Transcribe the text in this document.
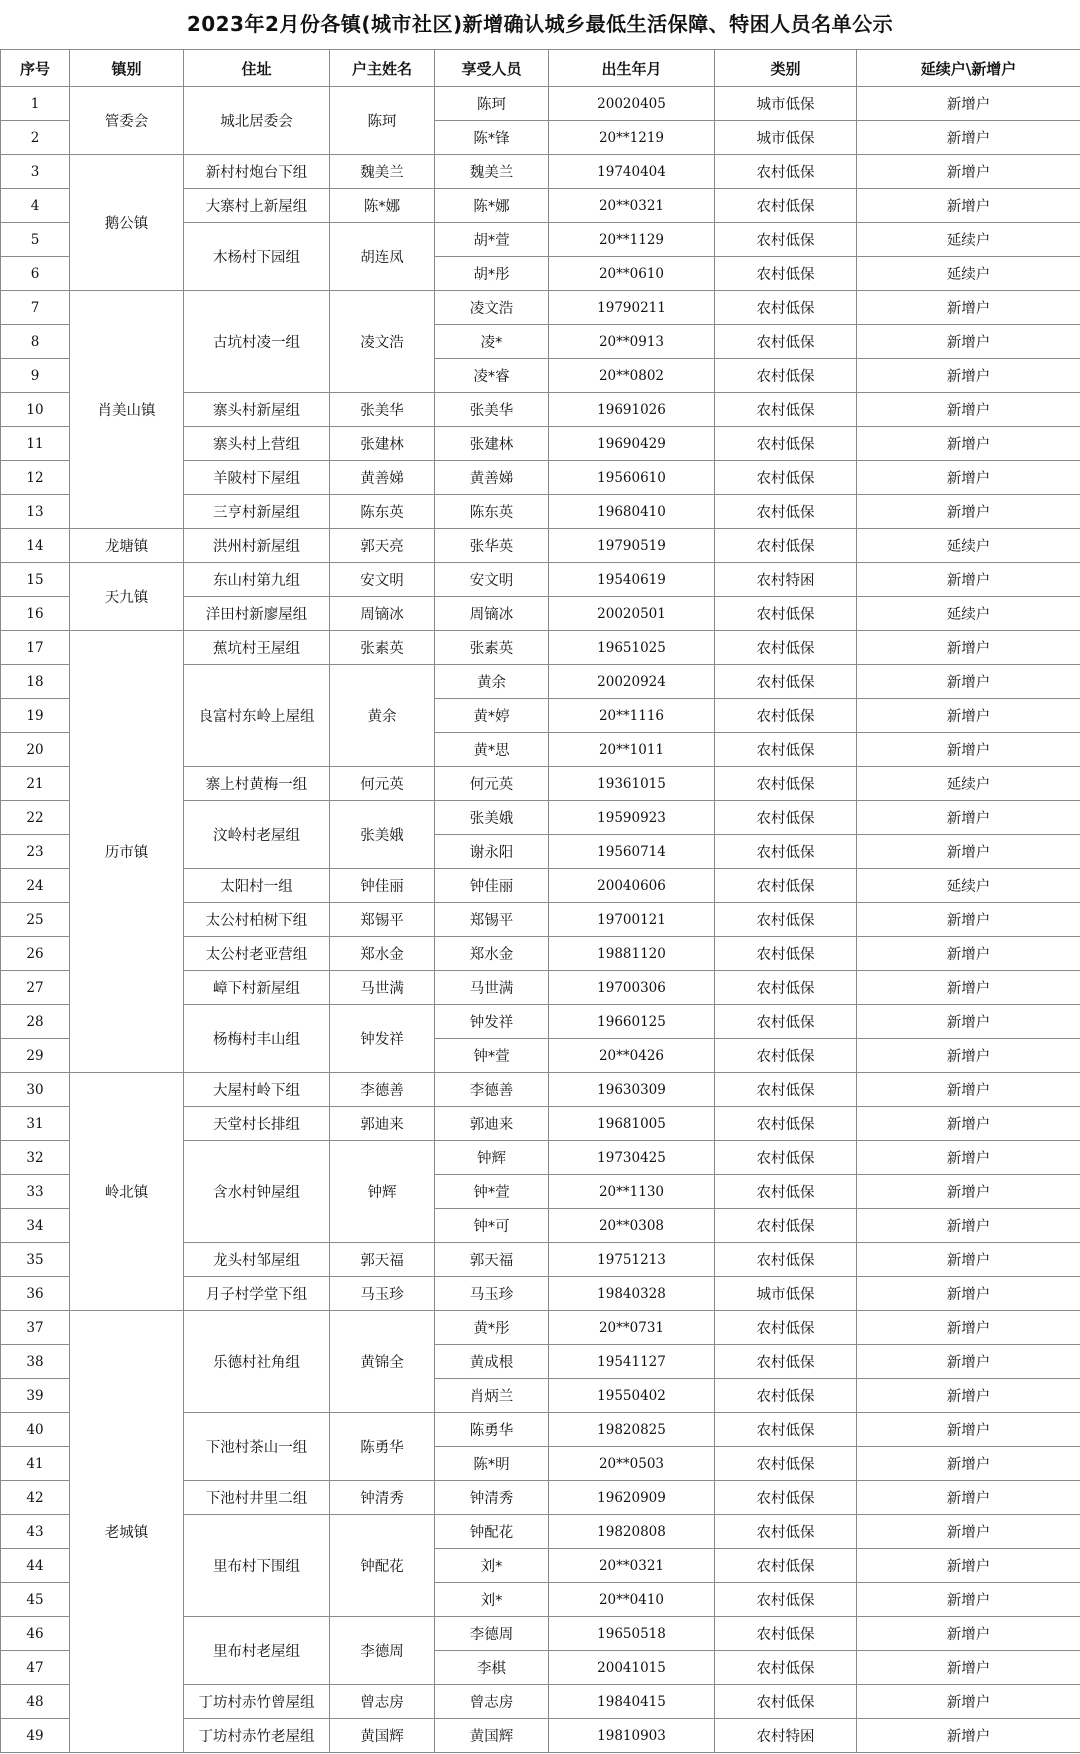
2023年2月份各镇(城市社区)新增确认城乡最低生活保障、特困人员名单公示
序号	镇别	住址	户主姓名	享受人员	出生年月	类别	延续户\新增户
1	管委会	城北居委会	陈珂	陈珂	20020405	城市低保	新增户
2				陈*锋	20**1219	城市低保	新增户
3	鹅公镇	新村村炮台下组	魏美兰	魏美兰	19740404	农村低保	新增户
4		大寨村上新屋组	陈*娜	陈*娜	20**0321	农村低保	新增户
5		木杨村下园组	胡连凤	胡*萱	20**1129	农村低保	延续户
6				胡*彤	20**0610	农村低保	延续户
7	肖美山镇	古坑村凌一组	凌文浩	凌文浩	19790211	农村低保	新增户
8				凌*	20**0913	农村低保	新增户
9				凌*睿	20**0802	农村低保	新增户
10		寨头村新屋组	张美华	张美华	19691026	农村低保	新增户
11		寨头村上营组	张建林	张建林	19690429	农村低保	新增户
12		羊陂村下屋组	黄善娣	黄善娣	19560610	农村低保	新增户
13		三亨村新屋组	陈东英	陈东英	19680410	农村低保	新增户
14	龙塘镇	洪州村新屋组	郭天亮	张华英	19790519	农村低保	延续户
15	天九镇	东山村第九组	安文明	安文明	19540619	农村特困	新增户
16		洋田村新廖屋组	周镝冰	周镝冰	20020501	农村低保	延续户
17	历市镇	蕉坑村王屋组	张素英	张素英	19651025	农村低保	新增户
18		良富村东岭上屋组	黄余	黄余	20020924	农村低保	新增户
19				黄*婷	20**1116	农村低保	新增户
20				黄*思	20**1011	农村低保	新增户
21		寨上村黄梅一组	何元英	何元英	19361015	农村低保	延续户
22		汶岭村老屋组	张美娥	张美娥	19590923	农村低保	新增户
23				谢永阳	19560714	农村低保	新增户
24		太阳村一组	钟佳丽	钟佳丽	20040606	农村低保	延续户
25		太公村柏树下组	郑锡平	郑锡平	19700121	农村低保	新增户
26		太公村老亚营组	郑水金	郑水金	19881120	农村低保	新增户
27		嶂下村新屋组	马世满	马世满	19700306	农村低保	新增户
28		杨梅村丰山组	钟发祥	钟发祥	19660125	农村低保	新增户
29				钟*萱	20**0426	农村低保	新增户
30	岭北镇	大屋村岭下组	李德善	李德善	19630309	农村低保	新增户
31		天堂村长排组	郭迪来	郭迪来	19681005	农村低保	新增户
32		含水村钟屋组	钟辉	钟辉	19730425	农村低保	新增户
33				钟*萱	20**1130	农村低保	新增户
34				钟*可	20**0308	农村低保	新增户
35		龙头村邹屋组	郭天福	郭天福	19751213	农村低保	新增户
36		月子村学堂下组	马玉珍	马玉珍	19840328	城市低保	新增户
37	老城镇	乐德村社角组	黄锦全	黄*彤	20**0731	农村低保	新增户
38				黄成根	19541127	农村低保	新增户
39				肖炳兰	19550402	农村低保	新增户
40		下池村茶山一组	陈勇华	陈勇华	19820825	农村低保	新增户
41				陈*明	20**0503	农村低保	新增户
42		下池村井里二组	钟清秀	钟清秀	19620909	农村低保	新增户
43		里布村下围组	钟配花	钟配花	19820808	农村低保	新增户
44				刘*	20**0321	农村低保	新增户
45				刘*	20**0410	农村低保	新增户
46		里布村老屋组	李德周	李德周	19650518	农村低保	新增户
47				李棋	20041015	农村低保	新增户
48		丁坊村赤竹曾屋组	曾志房	曾志房	19840415	农村低保	新增户
49		丁坊村赤竹老屋组	黄国辉	黄国辉	19810903	农村特困	新增户
